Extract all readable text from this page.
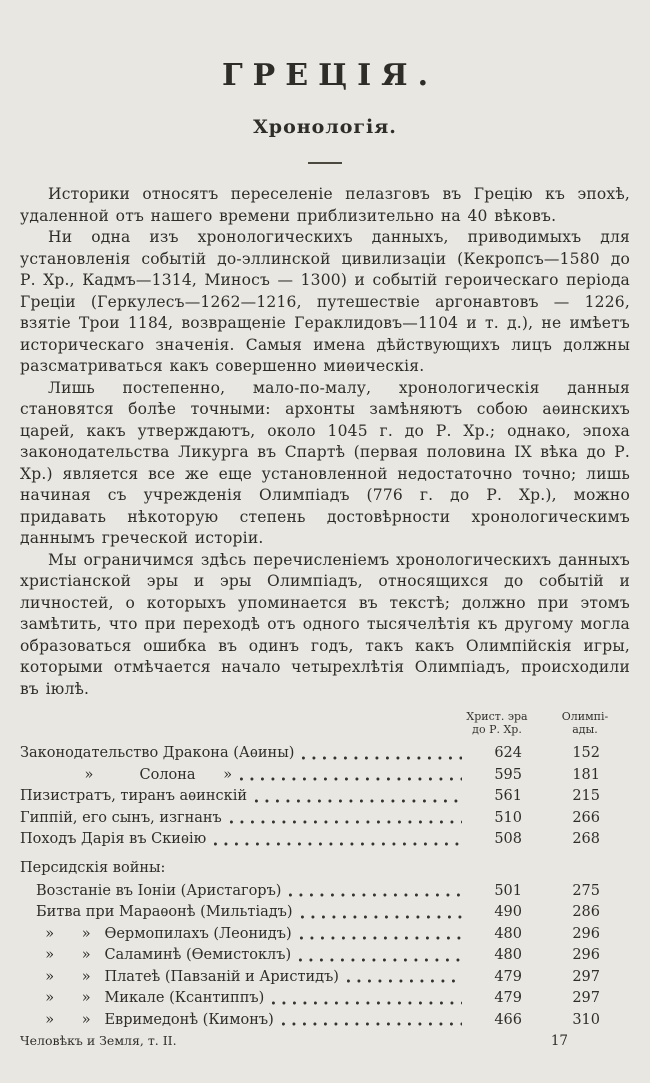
ГРЕЦІЯ.
Хронологія.

Историки относятъ переселеніе пелазговъ въ Грецію къ эпохѣ, удаленной отъ нашего времени приблизительно на 40 вѣковъ.

Ни одна изъ хронологическихъ данныхъ, приводимыхъ для установленія событій до-эллинской цивилизаціи (Кекропсъ—1580 до Р. Хр., Кадмъ—1314, Миносъ — 1300) и событій героическаго періода Греціи (Геркулесъ—1262—1216, путешествіе аргонавтовъ — 1226, взятіе Трои 1184, возвращеніе Гераклидовъ—1104 и т. д.), не имѣетъ историческаго значенія. Самыя имена дѣйствующихъ лицъ должны разсматриваться какъ совершенно миѳическія.

Лишь постепенно, мало-по-малу, хронологическія данныя становятся болѣе точными: архонты замѣняютъ собою аѳинскихъ царей, какъ утверждаютъ, около 1045 г. до Р. Хр.; однако, эпоха законодательства Ликурга въ Спартѣ (первая половина IX вѣка до Р. Хр.) является все же еще установленной недостаточно точно; лишь начиная съ учрежденія Олимпіадъ (776 г. до Р. Хр.), можно придавать нѣкоторую степень достовѣрности хронологическимъ даннымъ греческой исторіи.

Мы ограничимся здѣсь перечисленіемъ хронологическихъ данныхъ христіанской эры и эры Олимпіадъ, относящихся до событій и личностей, о которыхъ упоминается въ текстѣ; должно при этомъ замѣтить, что при переходѣ отъ одного тысячелѣтія къ другому могла образоваться ошибка въ одинъ годъ, такъ какъ Олимпійскія игры, которыми отмѣчается начало четырехлѣтія Олимпіадъ, происходили въ іюлѣ.

Христ. эра
до Р. Хр.
Олимпі-
ады.
Законодательство Дракона (Аѳины)	624	152
»          Солона      »	595	181
Пизистратъ, тиранъ аѳинскій	561	215
Гиппій, его сынъ, изгнанъ	510	266
Походъ Дарія въ Скиѳію	508	268
Персидскія войны:
Возстаніе въ Іоніи (Аристагоръ)	501	275
Битва при Мараѳонѣ (Мильтіадъ)	490	286
»      »   Ѳермопилахъ (Леонидъ)	480	296
»      »   Саламинѣ (Ѳемистоклъ)	480	296
»      »   Платеѣ (Павзаній и Аристидъ)	479	297
»      »   Микале (Ксантиппъ)	479	297
»      »   Евримедонѣ (Кимонъ)	466	310
Человѣкъ и Земля, т. II.	17
